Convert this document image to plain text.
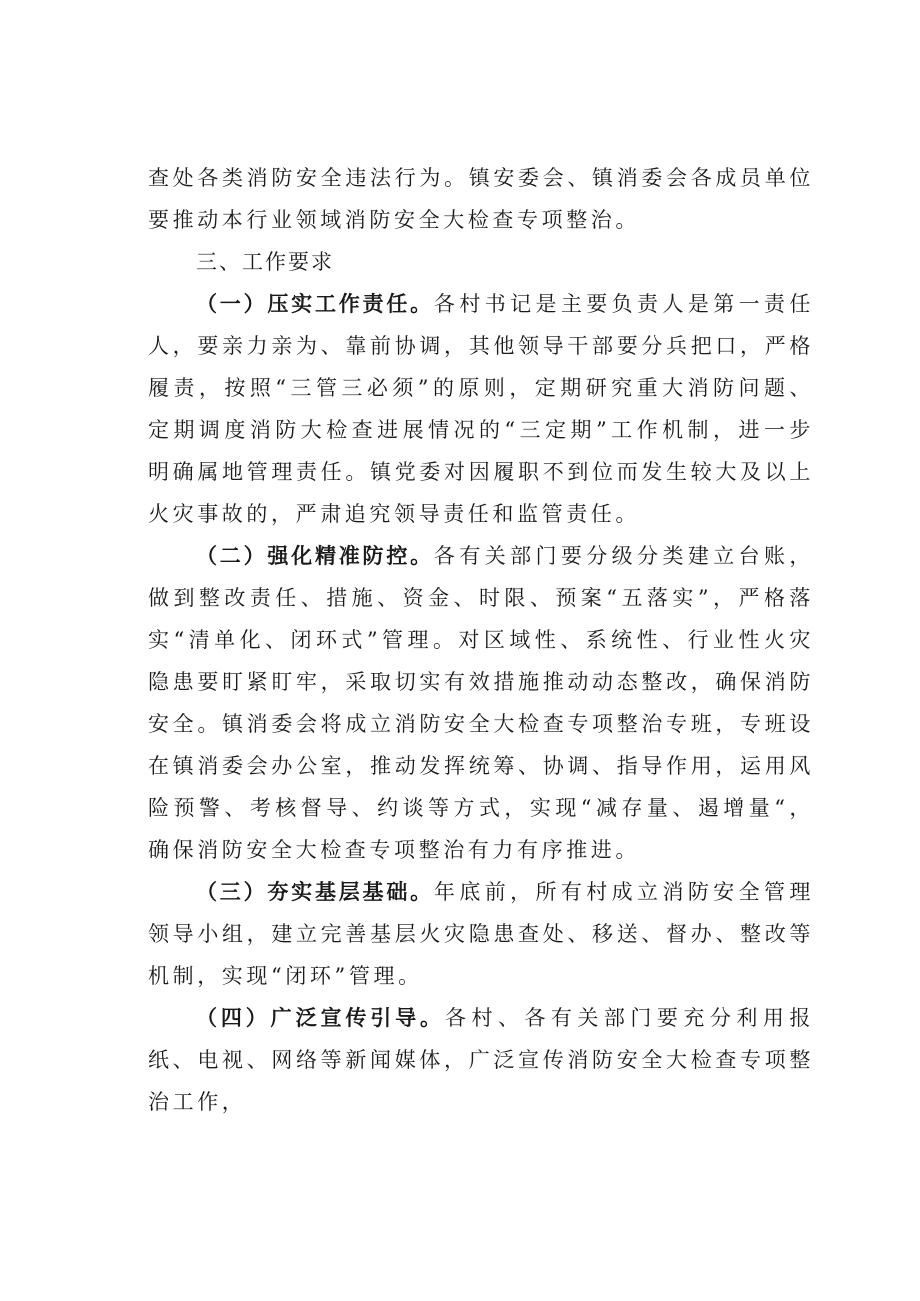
查处各类消防安全违法行为。镇安委会、镇消委会各成员单位要推动本行业领域消防安全大检查专项整治。

三、工作要求

（一）压实工作责任。各村书记是主要负责人是第一责任人，要亲力亲为、靠前协调，其他领导干部要分兵把口，严格履责，按照“三管三必须”的原则，定期研究重大消防问题、定期调度消防大检查进展情况的“三定期”工作机制，进一步明确属地管理责任。镇党委对因履职不到位而发生较大及以上火灾事故的，严肃追究领导责任和监管责任。

（二）强化精准防控。各有关部门要分级分类建立台账，做到整改责任、措施、资金、时限、预案“五落实”，严格落实“清单化、闭环式”管理。对区域性、系统性、行业性火灾隐患要盯紧盯牢，采取切实有效措施推动动态整改，确保消防安全。镇消委会将成立消防安全大检查专项整治专班，专班设在镇消委会办公室，推动发挥统筹、协调、指导作用，运用风险预警、考核督导、约谈等方式，实现“减存量、遏增量“，确保消防安全大检查专项整治有力有序推进。

（三）夯实基层基础。年底前，所有村成立消防安全管理领导小组，建立完善基层火灾隐患查处、移送、督办、整改等机制，实现“闭环”管理。

（四）广泛宣传引导。各村、各有关部门要充分利用报纸、电视、网络等新闻媒体，广泛宣传消防安全大检查专项整治工作，
